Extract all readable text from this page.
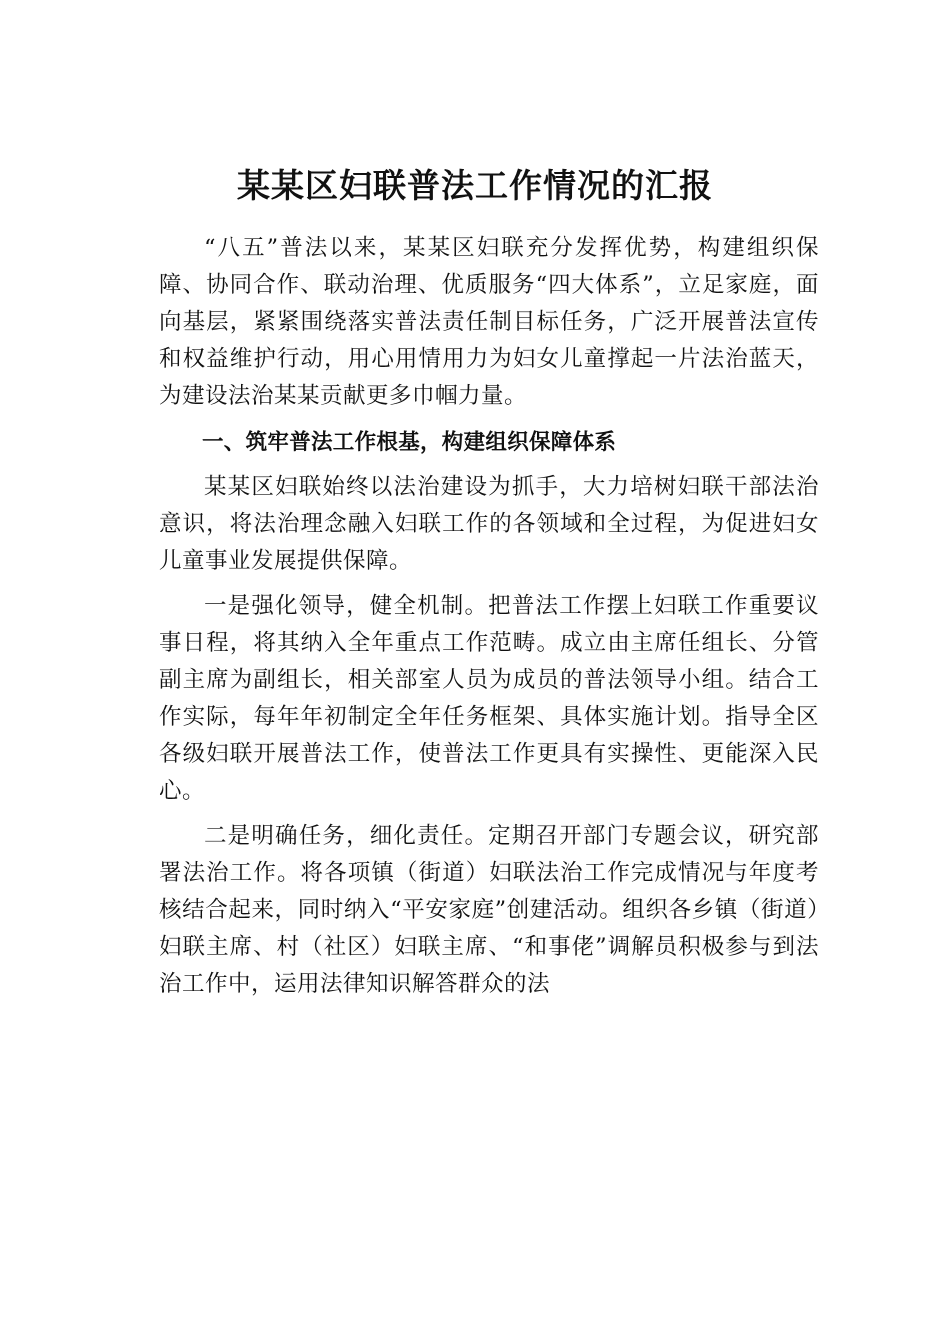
某某区妇联普法工作情况的汇报

“八五”普法以来，某某区妇联充分发挥优势，构建组织保障、协同合作、联动治理、优质服务“四大体系”，立足家庭，面向基层，紧紧围绕落实普法责任制目标任务，广泛开展普法宣传和权益维护行动，用心用情用力为妇女儿童撑起一片法治蓝天，为建设法治某某贡献更多巾帼力量。

一、筑牢普法工作根基，构建组织保障体系

某某区妇联始终以法治建设为抓手，大力培树妇联干部法治意识，将法治理念融入妇联工作的各领域和全过程，为促进妇女儿童事业发展提供保障。

一是强化领导，健全机制。把普法工作摆上妇联工作重要议事日程，将其纳入全年重点工作范畴。成立由主席任组长、分管副主席为副组长，相关部室人员为成员的普法领导小组。结合工作实际，每年年初制定全年任务框架、具体实施计划。指导全区各级妇联开展普法工作，使普法工作更具有实操性、更能深入民心。

二是明确任务，细化责任。定期召开部门专题会议，研究部署法治工作。将各项镇（街道）妇联法治工作完成情况与年度考核结合起来，同时纳入“平安家庭”创建活动。组织各乡镇（街道）妇联主席、村（社区）妇联主席、“和事佬”调解员积极参与到法治工作中，运用法律知识解答群众的法
